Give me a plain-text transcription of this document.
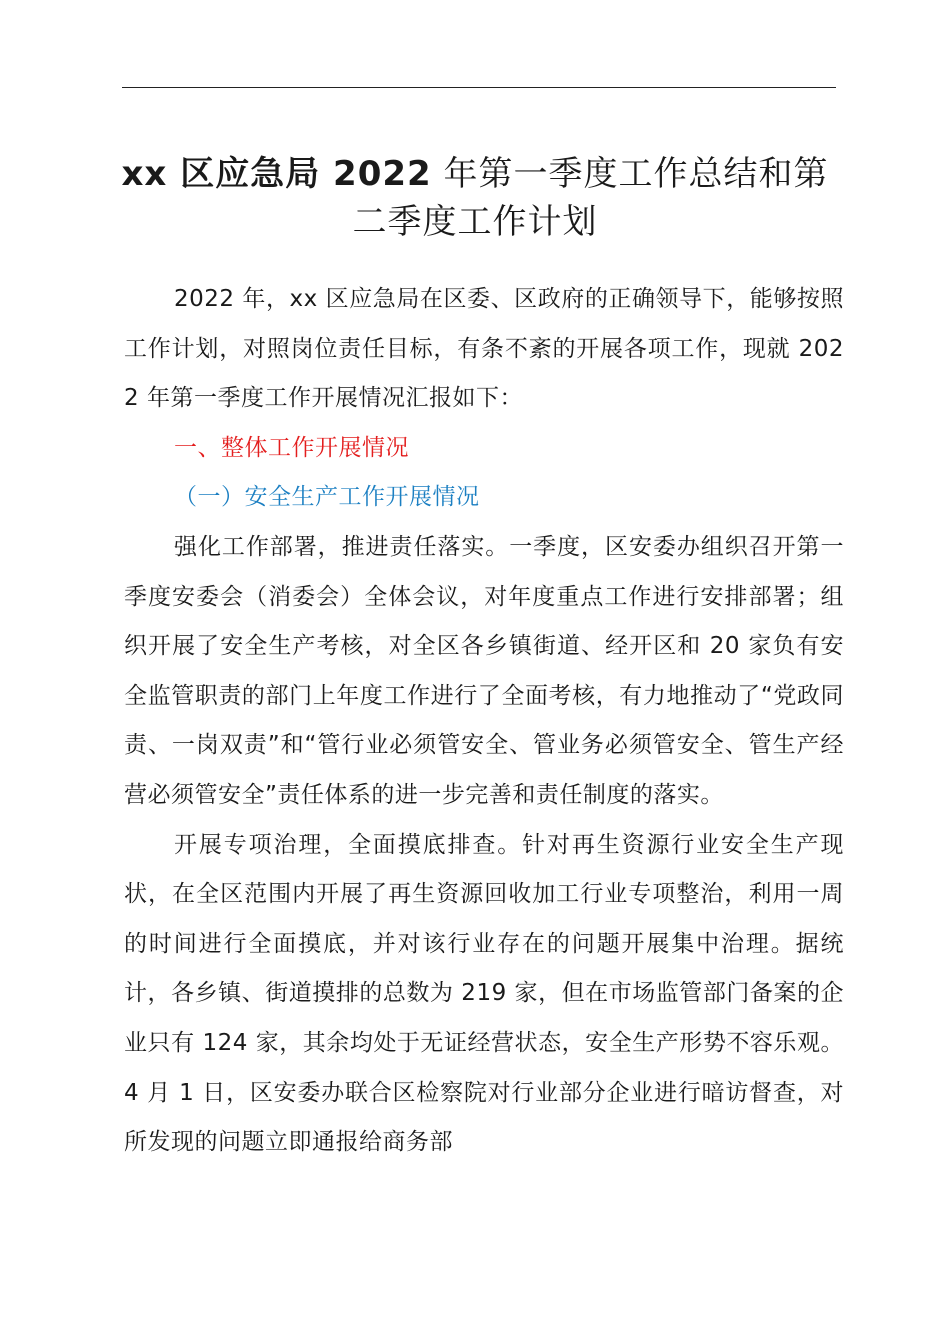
xx 区应急局 2022 年第一季度工作总结和第
二季度工作计划

2022 年，xx 区应急局在区委、区政府的正确领导下，能够按照工作计划，对照岗位责任目标，有条不紊的开展各项工作，现就 2022 年第一季度工作开展情况汇报如下：

一、整体工作开展情况

（一）安全生产工作开展情况

强化工作部署，推进责任落实。一季度，区安委办组织召开第一季度安委会（消委会）全体会议，对年度重点工作进行安排部署；组织开展了安全生产考核，对全区各乡镇街道、经开区和 20 家负有安全监管职责的部门上年度工作进行了全面考核，有力地推动了“党政同责、一岗双责”和“管行业必须管安全、管业务必须管安全、管生产经营必须管安全”责任体系的进一步完善和责任制度的落实。

开展专项治理，全面摸底排查。针对再生资源行业安全生产现状，在全区范围内开展了再生资源回收加工行业专项整治，利用一周的时间进行全面摸底，并对该行业存在的问题开展集中治理。据统计，各乡镇、街道摸排的总数为 219 家，但在市场监管部门备案的企业只有 124 家，其余均处于无证经营状态，安全生产形势不容乐观。4 月 1 日，区安委办联合区检察院对行业部分企业进行暗访督查，对所发现的问题立即通报给商务部
